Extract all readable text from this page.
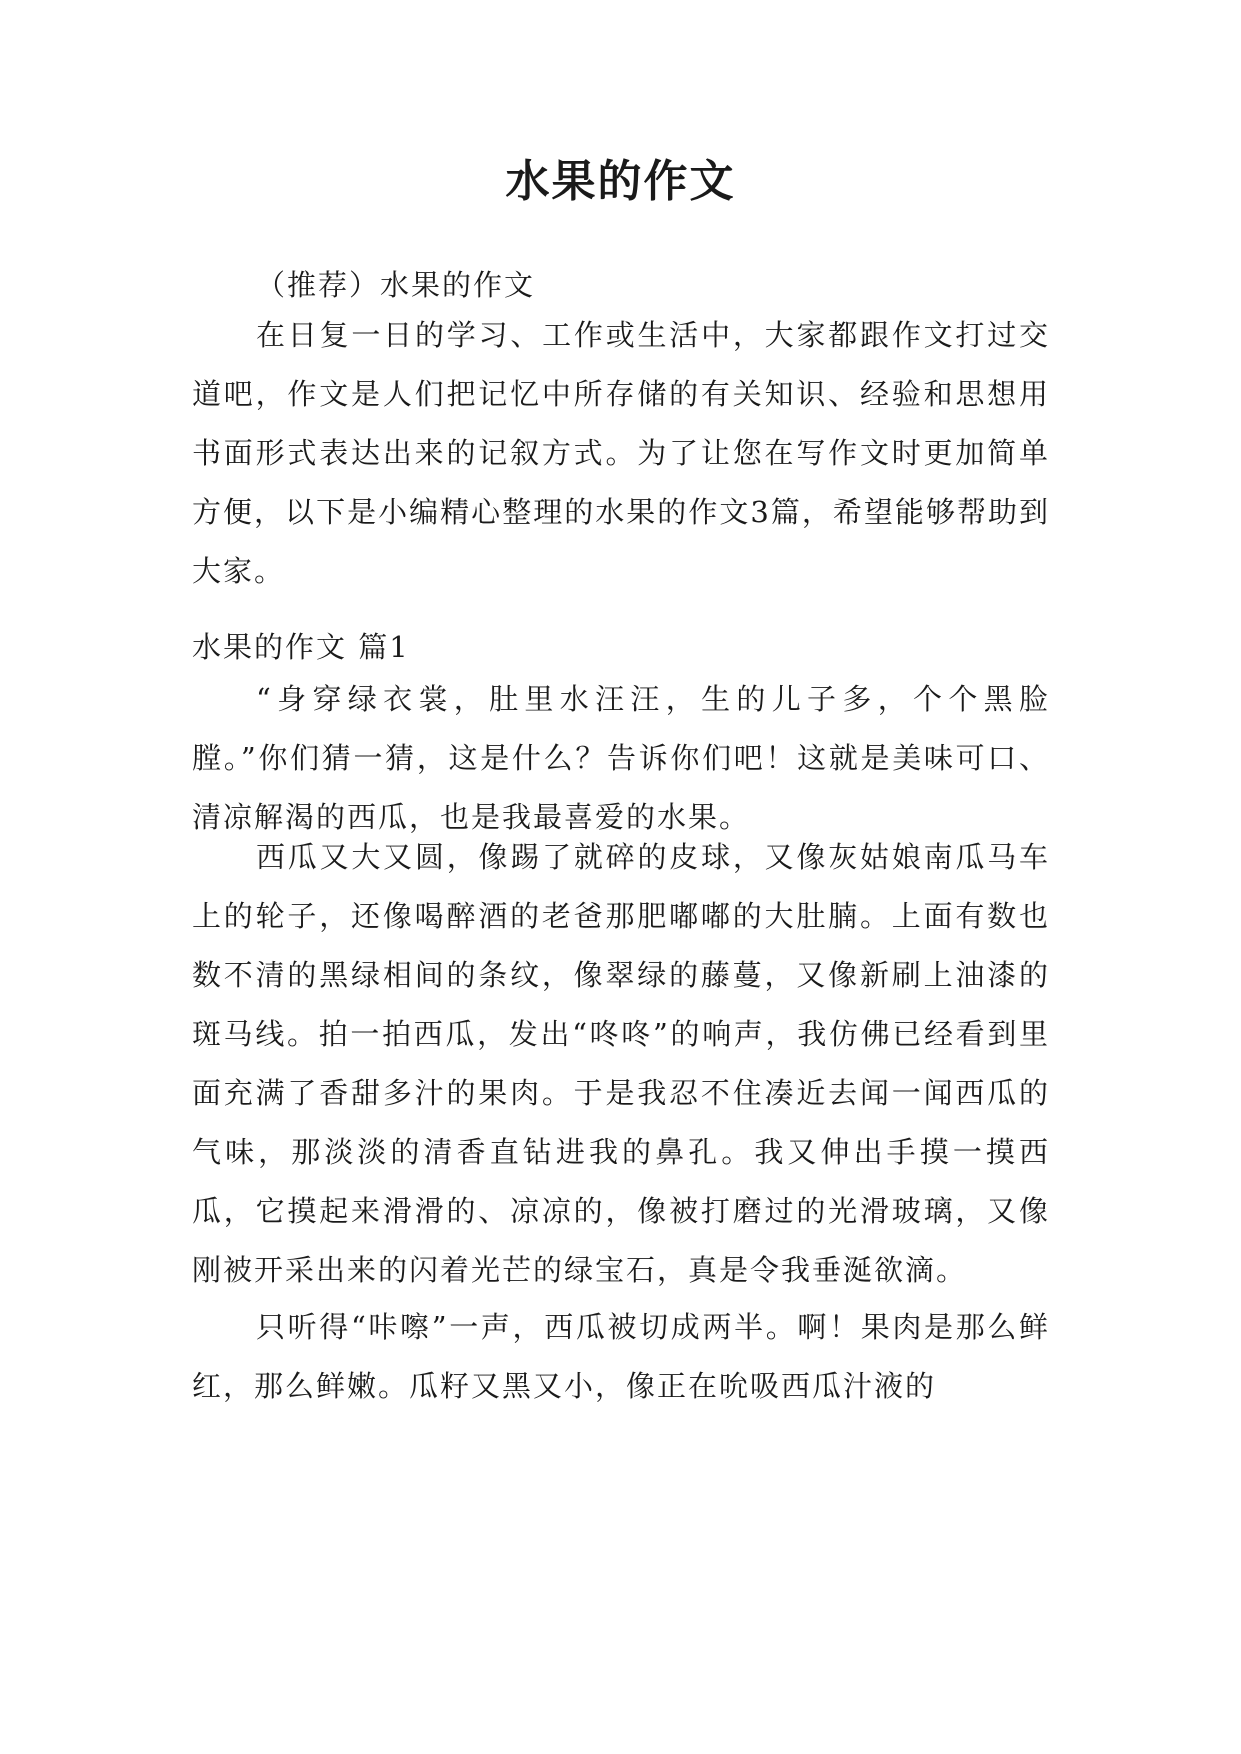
水果的作文

（推荐）水果的作文

在日复一日的学习、工作或生活中，大家都跟作文打过交道吧，作文是人们把记忆中所存储的有关知识、经验和思想用书面形式表达出来的记叙方式。为了让您在写作文时更加简单方便，以下是小编精心整理的水果的作文3篇，希望能够帮助到大家。

水果的作文 篇1

“身穿绿衣裳，肚里水汪汪，生的儿子多，个个黑脸膛。”你们猜一猜，这是什么？告诉你们吧！这就是美味可口、清凉解渴的西瓜，也是我最喜爱的水果。

西瓜又大又圆，像踢了就碎的皮球，又像灰姑娘南瓜马车上的轮子，还像喝醉酒的老爸那肥嘟嘟的大肚腩。上面有数也数不清的黑绿相间的条纹，像翠绿的藤蔓，又像新刷上油漆的斑马线。拍一拍西瓜，发出“咚咚”的响声，我仿佛已经看到里面充满了香甜多汁的果肉。于是我忍不住凑近去闻一闻西瓜的气味，那淡淡的清香直钻进我的鼻孔。我又伸出手摸一摸西瓜，它摸起来滑滑的、凉凉的，像被打磨过的光滑玻璃，又像刚被开采出来的闪着光芒的绿宝石，真是令我垂涎欲滴。

只听得“咔嚓”一声，西瓜被切成两半。啊！果肉是那么鲜红，那么鲜嫩。瓜籽又黑又小，像正在吮吸西瓜汁液的
